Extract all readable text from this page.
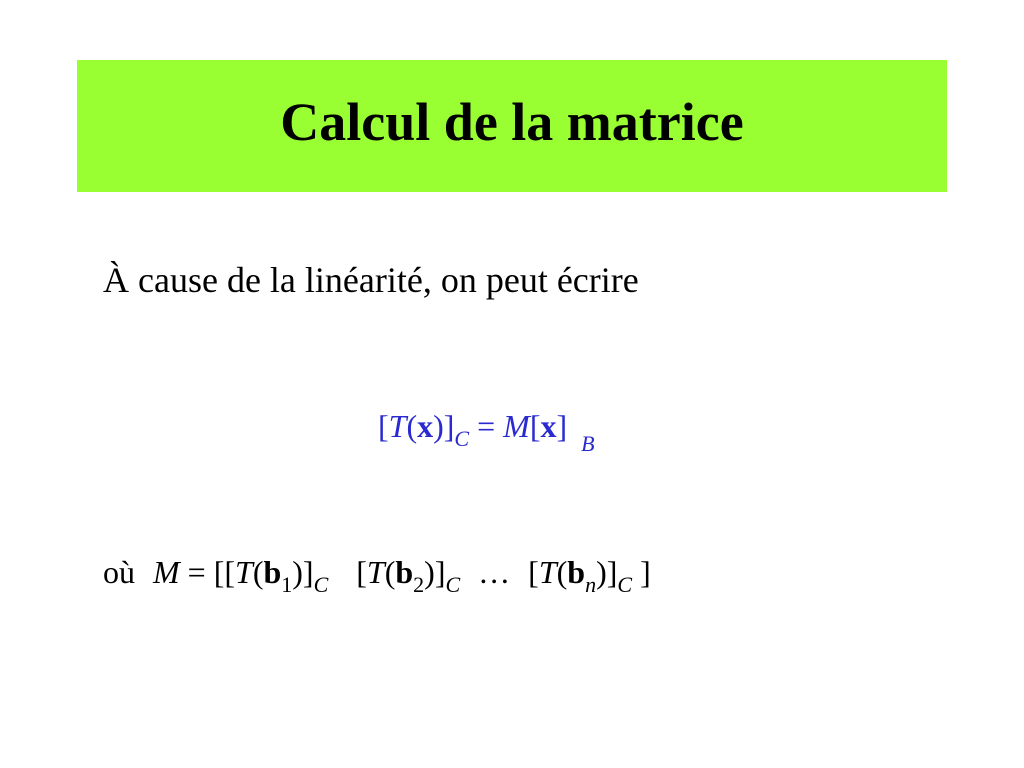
Calcul de la matrice
À cause de la linéarité, on peut écrire
$[T(x)]_C = M[x]$ $_B$
où $M = [[T(b_1)]_C$ $[T(b_2)]_C$ … $[T(b_n)]_C$ ]
